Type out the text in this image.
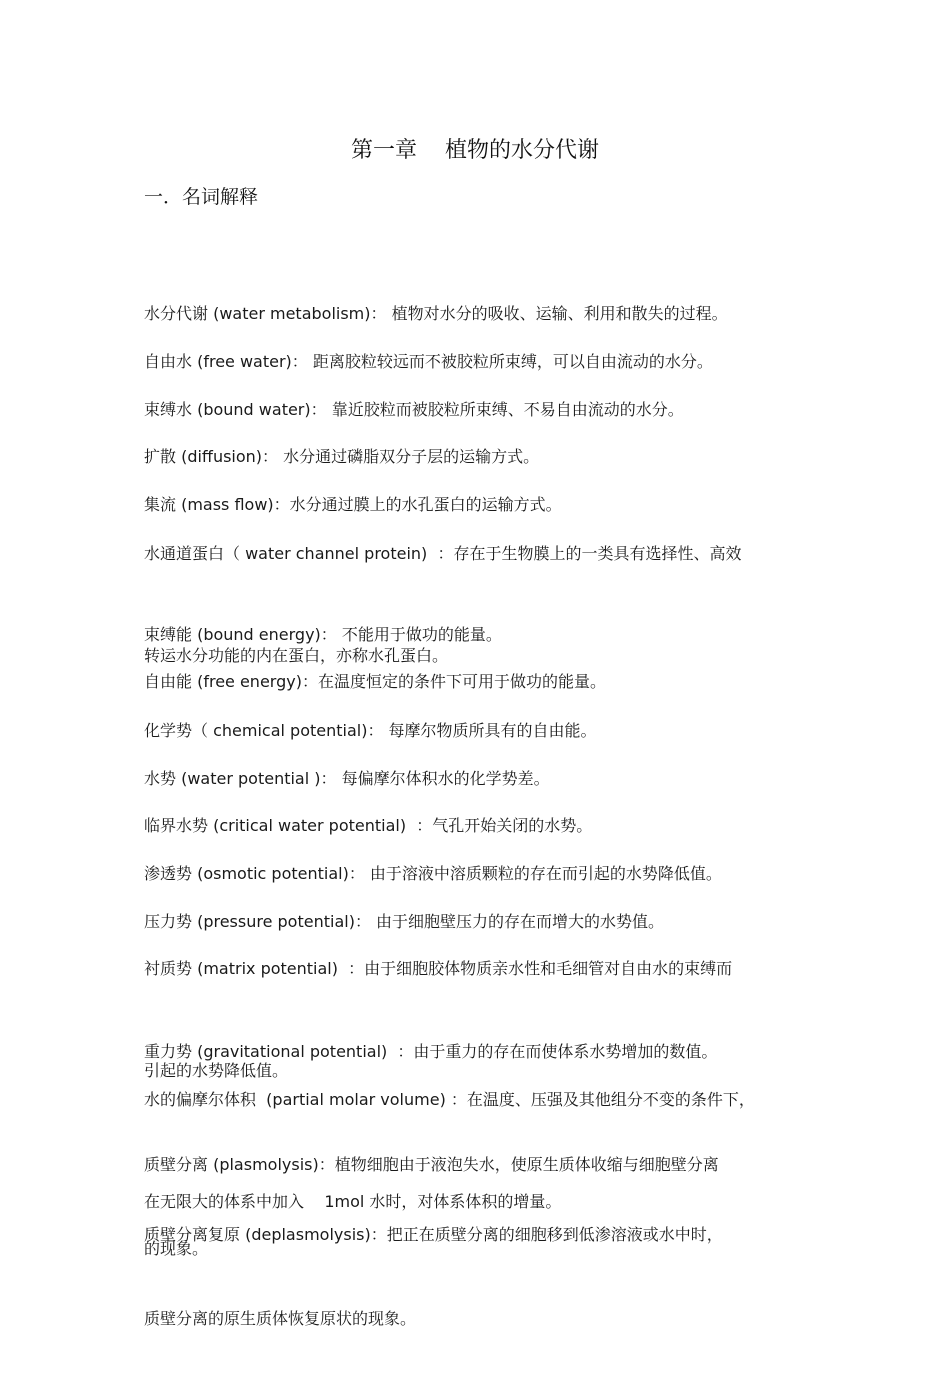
第一章    植物的水分代谢
一．名词解释

水分代谢 (water metabolism)： 植物对水分的吸收、运输、利用和散失的过程。

自由水 (free water)： 距离胶粒较远而不被胶粒所束缚，可以自由流动的水分。

束缚水 (bound water)： 靠近胶粒而被胶粒所束缚、不易自由流动的水分。

扩散 (diffusion)： 水分通过磷脂双分子层的运输方式。

集流 (mass flow)：水分通过膜上的水孔蛋白的运输方式。

水通道蛋白（ water channel protein)  ：存在于生物膜上的一类具有选择性、高效

转运水分功能的内在蛋白，亦称水孔蛋白。

束缚能 (bound energy)： 不能用于做功的能量。

自由能 (free energy)：在温度恒定的条件下可用于做功的能量。

化学势（ chemical potential)： 每摩尔物质所具有的自由能。

水势 (water potential )： 每偏摩尔体积水的化学势差。

临界水势 (critical water potential)  ：气孔开始关闭的水势。

渗透势 (osmotic potential)： 由于溶液中溶质颗粒的存在而引起的水势降低值。

压力势 (pressure potential)： 由于细胞壁压力的存在而增大的水势值。

衬质势 (matrix potential)  ：由于细胞胶体物质亲水性和毛细管对自由水的束缚而

引起的水势降低值。

重力势 (gravitational potential)  ：由于重力的存在而使体系水势增加的数值。

水的偏摩尔体积  (partial molar volume) ：在温度、压强及其他组分不变的条件下，

在无限大的体系中加入    1mol 水时，对体系体积的增量。

质壁分离 (plasmolysis)：植物细胞由于液泡失水，使原生质体收缩与细胞壁分离

的现象。

质壁分离复原 (deplasmolysis)：把正在质壁分离的细胞移到低渗溶液或水中时，

质壁分离的原生质体恢复原状的现象。
